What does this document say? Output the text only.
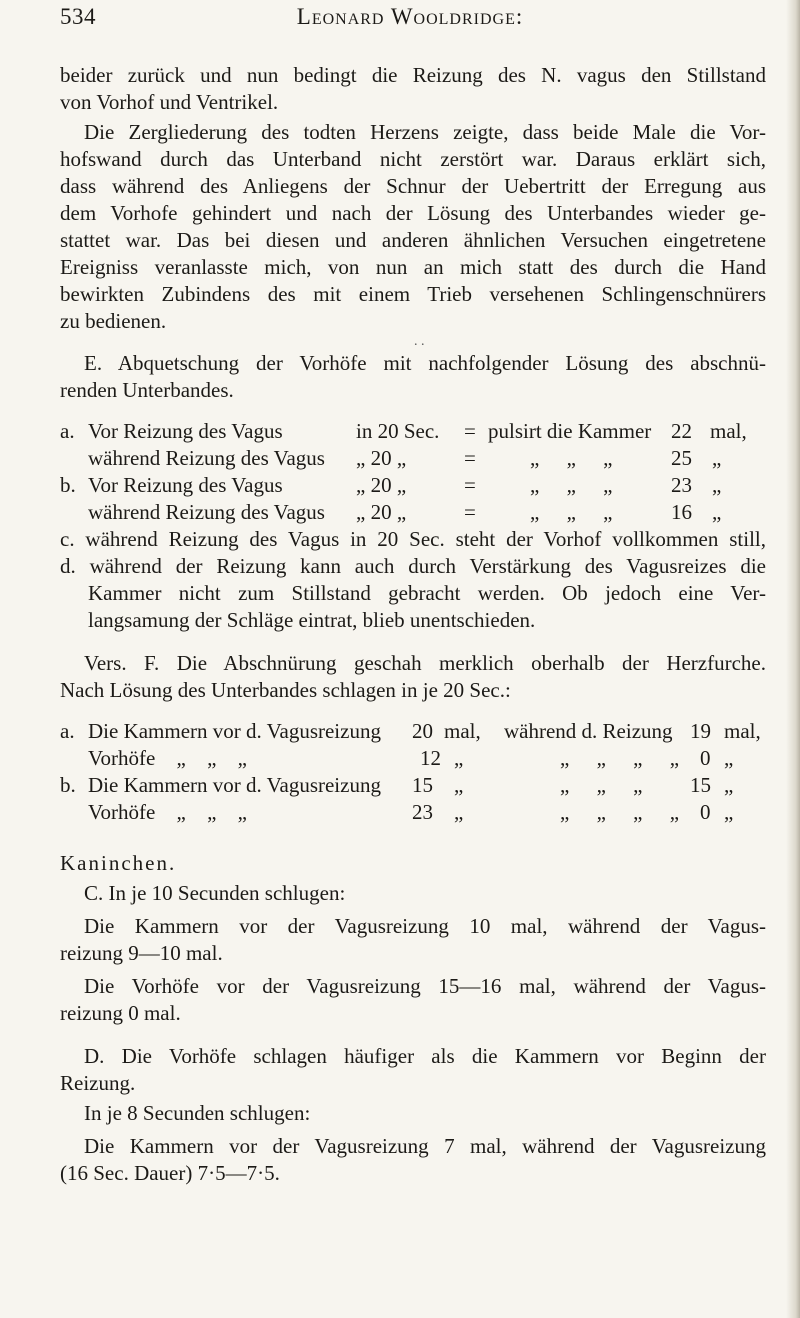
534	Leonard Wooldridge:
beider zurück und nun bedingt die Reizung des N. vagus den Stillstand
von Vorhof und Ventrikel.
Die Zergliederung des todten Herzens zeigte, dass beide Male die Vor-
hofswand durch das Unterband nicht zerstört war. Daraus erklärt sich,
dass während des Anliegens der Schnur der Uebertritt der Erregung aus
dem Vorhofe gehindert und nach der Lösung des Unterbandes wieder ge-
stattet war. Das bei diesen und anderen ähnlichen Versuchen eingetretene
Ereigniss veranlasste mich, von nun an mich statt des durch die Hand
bewirkten Zubindens des mit einem Trieb versehenen Schlingenschnürers
zu bedienen.
. .
E. Abquetschung der Vorhöfe mit nachfolgender Lösung des abschnü-
renden Unterbandes.
a. Vor Reizung des Vagus	in 20 Sec. = pulsirt die Kammer 22 mal,
während Reizung des Vagus „ 20 „	=	„ „ „	25 „
b. Vor Reizung des Vagus	„ 20 „	=	„ „ „	23 „
während Reizung des Vagus „ 20 „	=	„ „ „	16 „
c. während Reizung des Vagus in 20 Sec. steht der Vorhof vollkommen still,
d. während der Reizung kann auch durch Verstärkung des Vagusreizes die
Kammer nicht zum Stillstand gebracht werden. Ob jedoch eine Ver-
langsamung der Schläge eintrat, blieb unentschieden.
Vers. F. Die Abschnürung geschah merklich oberhalb der Herzfurche.
Nach Lösung des Unterbandes schlagen in je 20 Sec.:
a. Die Kammern vor d. Vagusreizung 20 mal, während d. Reizung 19 mal,
Vorhöfe „ „ „	12 „	„ „ „ „ 0 „
b. Die Kammern vor d. Vagusreizung 15 „	„ „ „ 15 „
Vorhöfe „ „ „	23 „	„ „ „ „ 0 „
Kaninchen.
C. In je 10 Secunden schlugen:
Die Kammern vor der Vagusreizung 10 mal, während der Vagus-
reizung 9—10 mal.
Die Vorhöfe vor der Vagusreizung 15—16 mal, während der Vagus-
reizung 0 mal.
D. Die Vorhöfe schlagen häufiger als die Kammern vor Beginn der
Reizung.
In je 8 Secunden schlugen:
Die Kammern vor der Vagusreizung 7 mal, während der Vagusreizung
(16 Sec. Dauer) 7·5—7·5.
